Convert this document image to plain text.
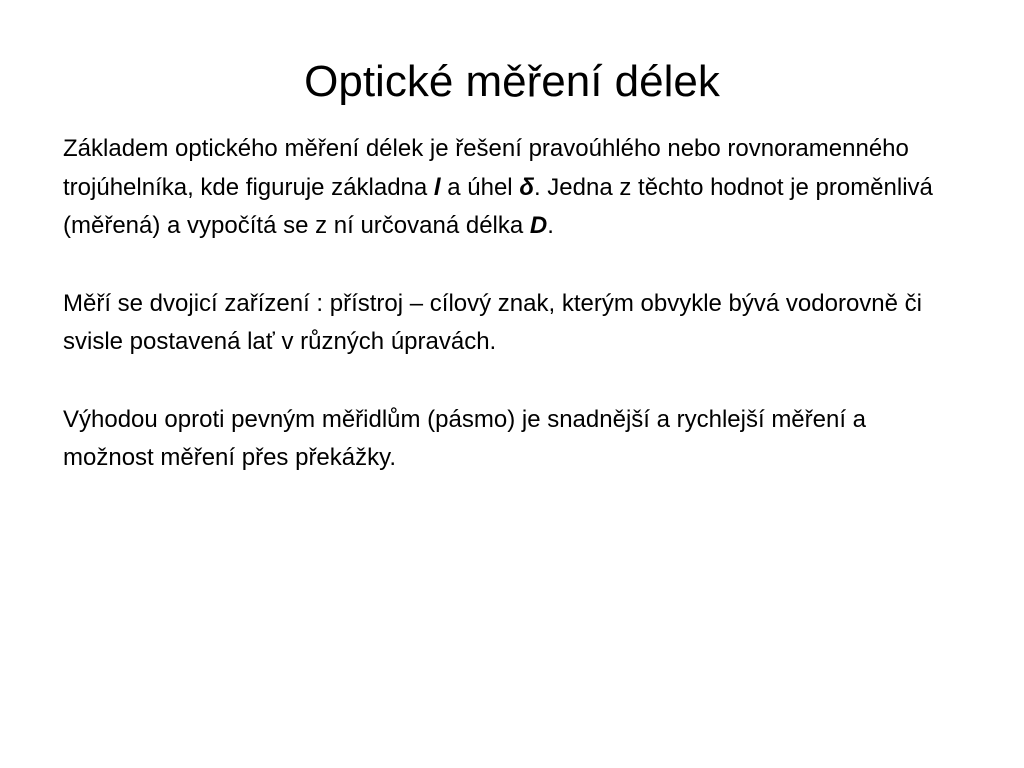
Optické měření délek

Základem optického měření délek je řešení pravoúhlého nebo rovnoramenného trojúhelníka, kde figuruje základna l a úhel δ. Jedna z těchto hodnot je proměnlivá (měřená) a vypočítá se z ní určovaná délka D.

Měří se dvojicí zařízení : přístroj – cílový znak, kterým obvykle bývá vodorovně či svisle postavená lať v různých úpravách.

Výhodou oproti pevným měřidlům (pásmo) je snadnější a rychlejší měření a možnost měření přes překážky.
